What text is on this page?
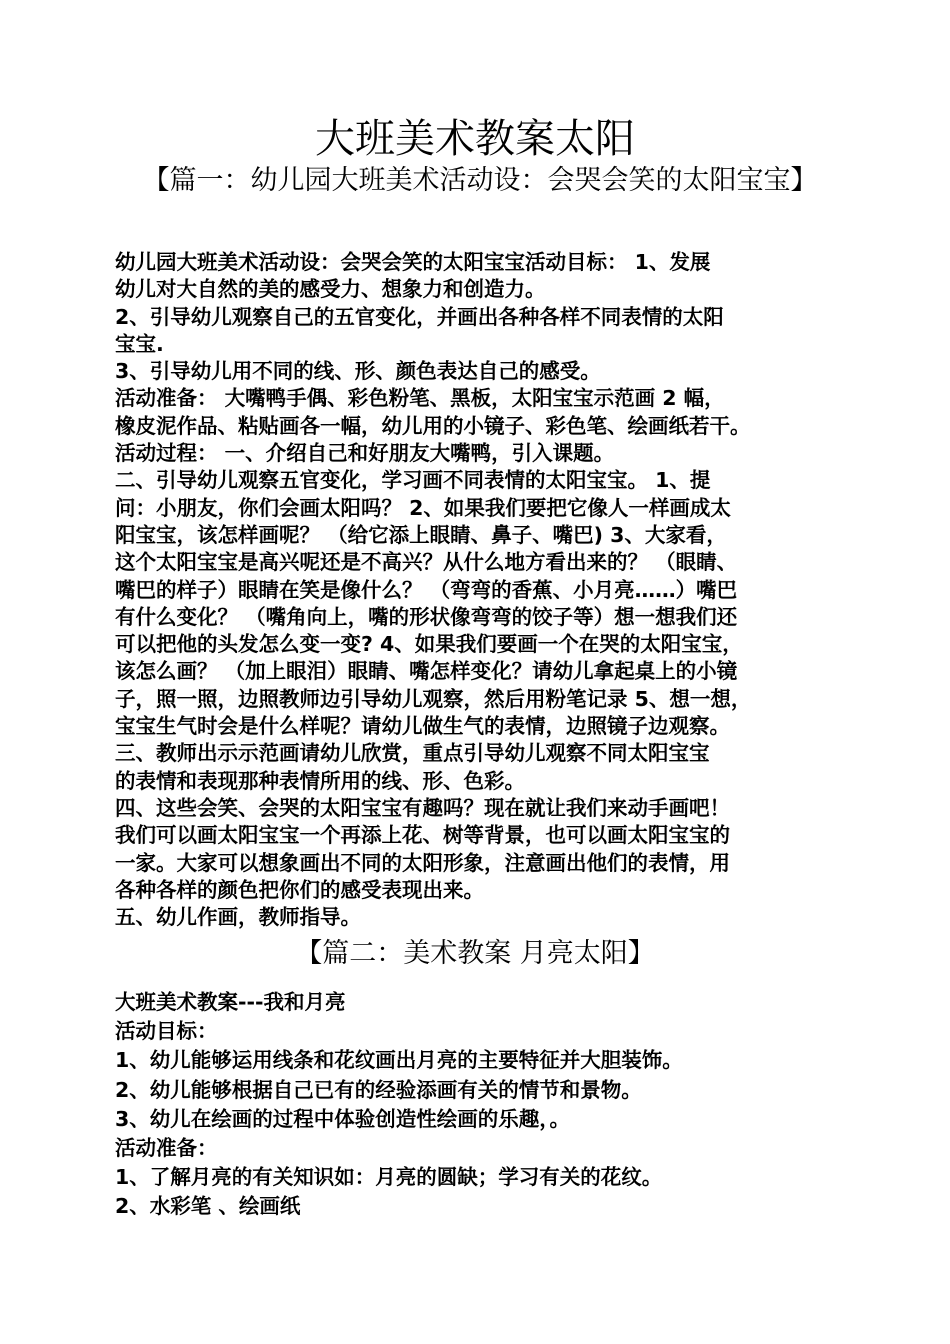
大班美术教案太阳
【篇一：幼儿园大班美术活动设：会哭会笑的太阳宝宝】
幼儿园大班美术活动设：会哭会笑的太阳宝宝活动目标： 1、发展
幼儿对大自然的美的感受力、想象力和创造力。
2、引导幼儿观察自己的五官变化，并画出各种各样不同表情的太阳
宝宝.
3、引导幼儿用不同的线、形、颜色表达自己的感受。
活动准备： 大嘴鸭手偶、彩色粉笔、黑板，太阳宝宝示范画 2 幅，
橡皮泥作品、粘贴画各一幅，幼儿用的小镜子、彩色笔、绘画纸若干。
活动过程： 一、介绍自己和好朋友大嘴鸭，引入课题。
二、引导幼儿观察五官变化，学习画不同表情的太阳宝宝。 1、提
问：小朋友，你们会画太阳吗？ 2、如果我们要把它像人一样画成太
阳宝宝，该怎样画呢？ （给它添上眼睛、鼻子、嘴巴) 3、大家看，
这个太阳宝宝是高兴呢还是不高兴？从什么地方看出来的？ （眼睛、
嘴巴的样子）眼睛在笑是像什么？ （弯弯的香蕉、小月亮……）嘴巴
有什么变化？ （嘴角向上，嘴的形状像弯弯的饺子等）想一想我们还
可以把他的头发怎么变一变? 4、如果我们要画一个在哭的太阳宝宝，
该怎么画？ （加上眼泪）眼睛、嘴怎样变化？请幼儿拿起桌上的小镜
子，照一照，边照教师边引导幼儿观察，然后用粉笔记录 5、想一想，
宝宝生气时会是什么样呢？请幼儿做生气的表情，边照镜子边观察。
三、教师出示示范画请幼儿欣赏，重点引导幼儿观察不同太阳宝宝
的表情和表现那种表情所用的线、形、色彩。
四、这些会笑、会哭的太阳宝宝有趣吗？现在就让我们来动手画吧！
我们可以画太阳宝宝一个再添上花、树等背景，也可以画太阳宝宝的
一家。大家可以想象画出不同的太阳形象，注意画出他们的表情，用
各种各样的颜色把你们的感受表现出来。
五、幼儿作画，教师指导。
【篇二：美术教案 月亮太阳】
大班美术教案---我和月亮
活动目标：
1、幼儿能够运用线条和花纹画出月亮的主要特征并大胆装饰。
2、幼儿能够根据自己已有的经验添画有关的情节和景物。
3、幼儿在绘画的过程中体验创造性绘画的乐趣，。
活动准备：
1、了解月亮的有关知识如：月亮的圆缺；学习有关的花纹。
2、水彩笔 、绘画纸
